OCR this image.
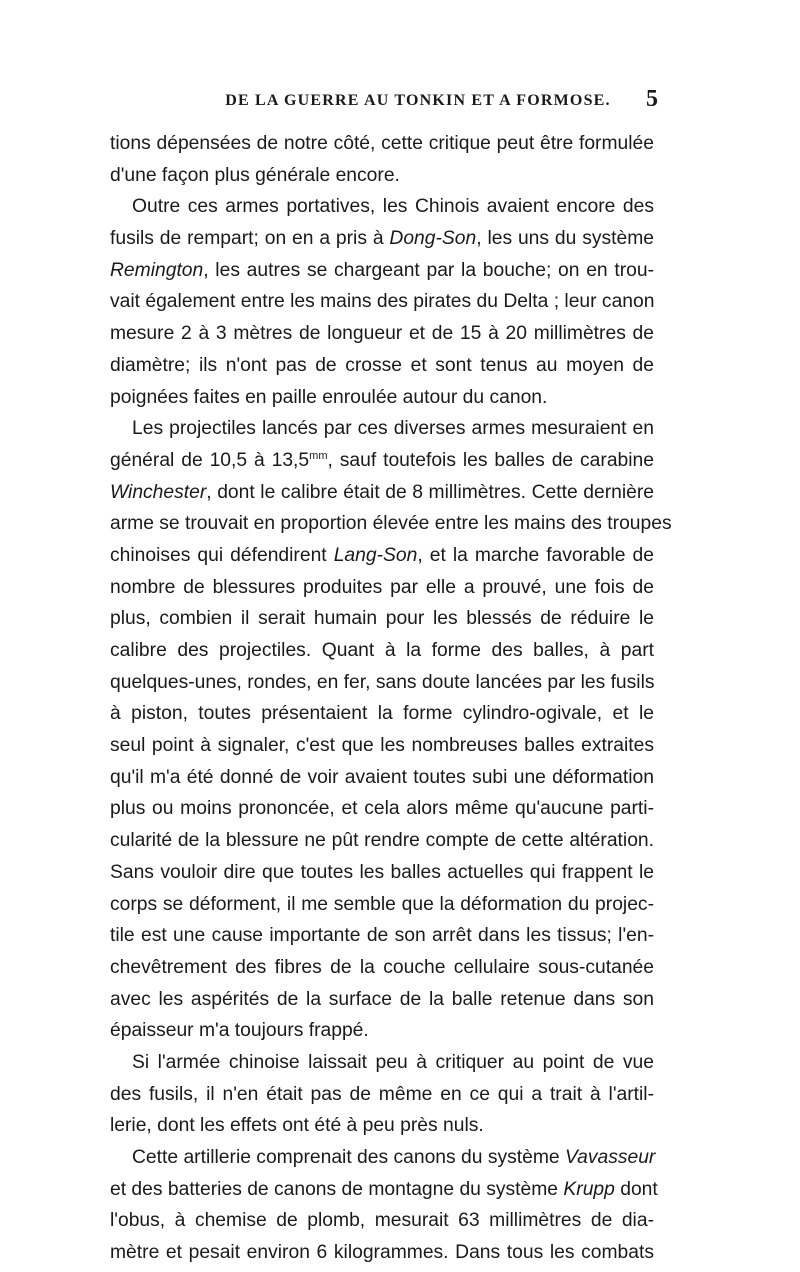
DE LA GUERRE AU TONKIN ET A FORMOSE.	5
tions dépensées de notre côté, cette critique peut être formulée
d'une façon plus générale encore.
Outre ces armes portatives, les Chinois avaient encore des
fusils de rempart; on en a pris à Dong-Son, les uns du système
Remington, les autres se chargeant par la bouche; on en trou-
vait également entre les mains des pirates du Delta ; leur canon
mesure 2 à 3 mètres de longueur et de 15 à 20 millimètres de
diamètre; ils n'ont pas de crosse et sont tenus au moyen de
poignées faites en paille enroulée autour du canon.
Les projectiles lancés par ces diverses armes mesuraient en
général de 10,5 à $13,5^{mm}$, sauf toutefois les balles de carabine
Winchester, dont le calibre était de 8 millimètres. Cette dernière
arme se trouvait en proportion élevée entre les mains des troupes
chinoises qui défendirent Lang-Son, et la marche favorable de
nombre de blessures produites par elle a prouvé, une fois de
plus, combien il serait humain pour les blessés de réduire le
calibre des projectiles. Quant à la forme des balles, à part
quelques-unes, rondes, en fer, sans doute lancées par les fusils
à piston, toutes présentaient la forme cylindro-ogivale, et le
seul point à signaler, c'est que les nombreuses balles extraites
qu'il m'a été donné de voir avaient toutes subi une déformation
plus ou moins prononcée, et cela alors même qu'aucune parti-
cularité de la blessure ne pût rendre compte de cette altération.
Sans vouloir dire que toutes les balles actuelles qui frappent le
corps se déforment, il me semble que la déformation du projec-
tile est une cause importante de son arrêt dans les tissus; l'en-
chevêtrement des fibres de la couche cellulaire sous-cutanée
avec les aspérités de la surface de la balle retenue dans son
épaisseur m'a toujours frappé.
Si l'armée chinoise laissait peu à critiquer au point de vue
des fusils, il n'en était pas de même en ce qui a trait à l'artil-
lerie, dont les effets ont été à peu près nuls.
Cette artillerie comprenait des canons du système Vavasseur
et des batteries de canons de montagne du système Krupp dont
l'obus, à chemise de plomb, mesurait 63 millimètres de dia-
mètre et pesait environ 6 kilogrammes. Dans tous les combats
